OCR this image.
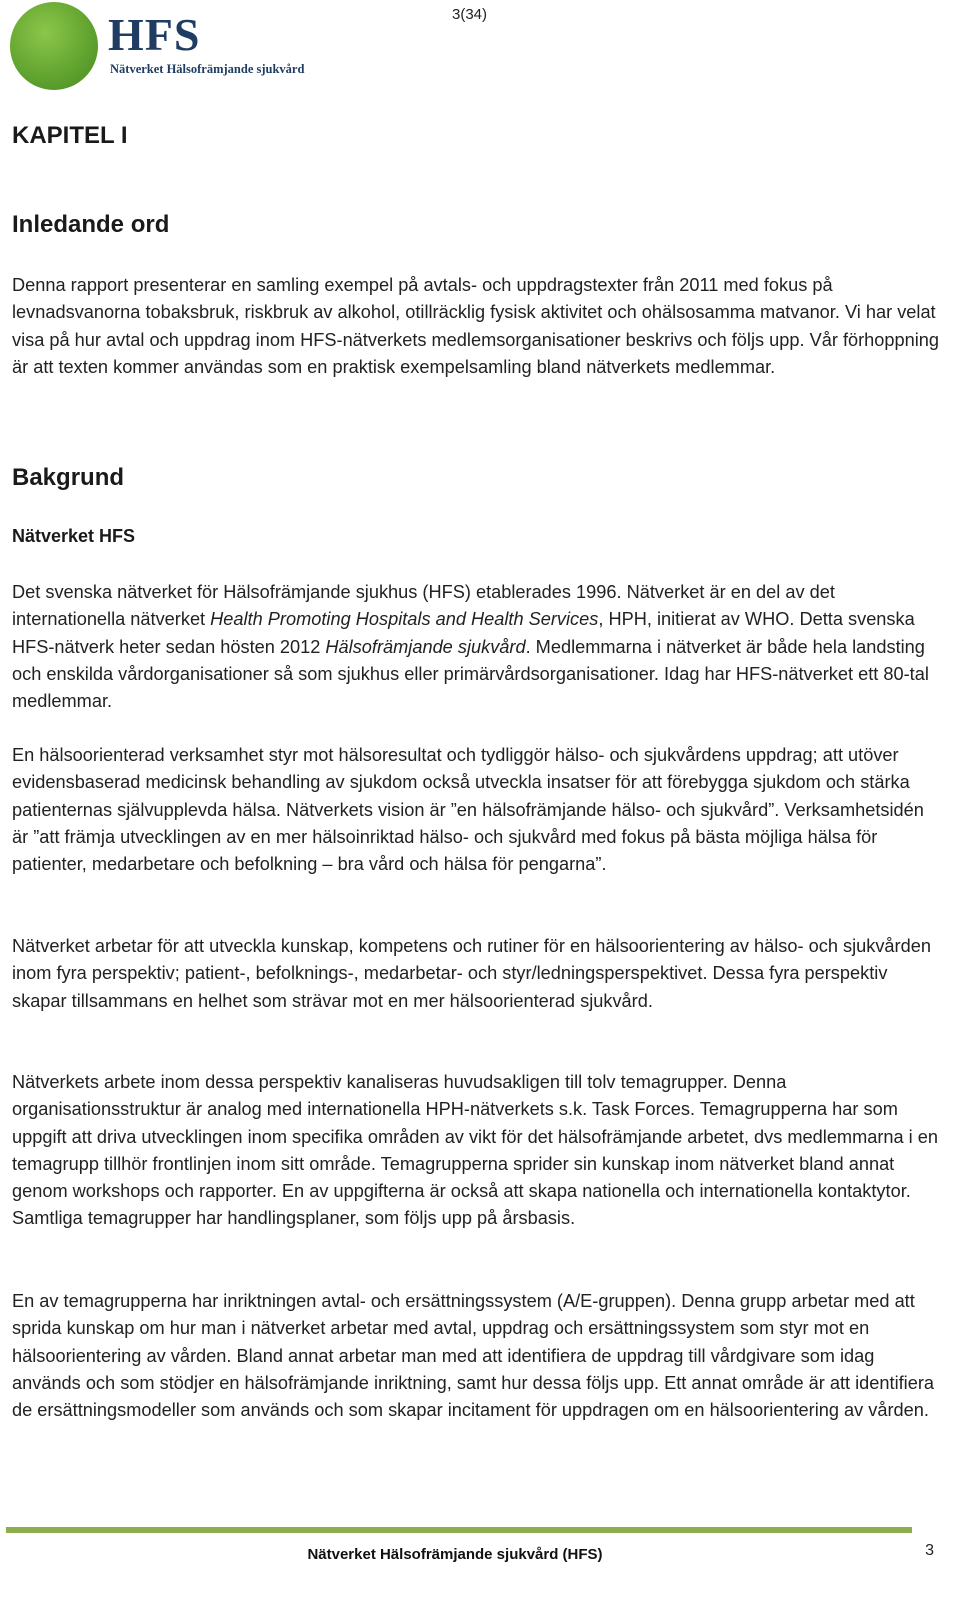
HFS
Nätverket Hälsofrämjande sjukvård
3(34)
KAPITEL I
Inledande ord

Denna rapport presenterar en samling exempel på avtals- och uppdragstexter från 2011 med fokus på levnadsvanorna tobaksbruk, riskbruk av alkohol, otillräcklig fysisk aktivitet och ohälsosamma matvanor. Vi har velat visa på hur avtal och uppdrag inom HFS-nätverkets medlemsorganisationer beskrivs och följs upp. Vår förhoppning är att texten kommer användas som en praktisk exempelsamling bland nätverkets medlemmar.

Bakgrund
Nätverket HFS

Det svenska nätverket för Hälsofrämjande sjukhus (HFS) etablerades 1996. Nätverket är en del av det internationella nätverket Health Promoting Hospitals and Health Services, HPH, initierat av WHO. Detta svenska HFS-nätverk heter sedan hösten 2012 Hälsofrämjande sjukvård. Medlemmarna i nätverket är både hela landsting och enskilda vårdorganisationer så som sjukhus eller primärvårdsorganisationer. Idag har HFS-nätverket ett 80-tal medlemmar.

En hälsoorienterad verksamhet styr mot hälsoresultat och tydliggör hälso- och sjukvårdens uppdrag; att utöver evidensbaserad medicinsk behandling av sjukdom också utveckla insatser för att förebygga sjukdom och stärka patienternas självupplevda hälsa. Nätverkets vision är ”en hälsofrämjande hälso- och sjukvård”. Verksamhetsidén är ”att främja utvecklingen av en mer hälsoinriktad hälso- och sjukvård med fokus på bästa möjliga hälsa för patienter, medarbetare och befolkning – bra vård och hälsa för pengarna”.

Nätverket arbetar för att utveckla kunskap, kompetens och rutiner för en hälsoorientering av hälso- och sjukvården inom fyra perspektiv; patient-, befolknings-, medarbetar- och styr/ledningsperspektivet. Dessa fyra perspektiv skapar tillsammans en helhet som strävar mot en mer hälsoorienterad sjukvård.

Nätverkets arbete inom dessa perspektiv kanaliseras huvudsakligen till tolv temagrupper. Denna organisationsstruktur är analog med internationella HPH-nätverkets s.k. Task Forces. Temagrupperna har som uppgift att driva utvecklingen inom specifika områden av vikt för det hälsofrämjande arbetet, dvs medlemmarna i en temagrupp tillhör frontlinjen inom sitt område. Temagrupperna sprider sin kunskap inom nätverket bland annat genom workshops och rapporter. En av uppgifterna är också att skapa nationella och internationella kontaktytor. Samtliga temagrupper har handlingsplaner, som följs upp på årsbasis.

En av temagrupperna har inriktningen avtal- och ersättningssystem (A/E-gruppen). Denna grupp arbetar med att sprida kunskap om hur man i nätverket arbetar med avtal, uppdrag och ersättningssystem som styr mot en hälsoorientering av vården. Bland annat arbetar man med att identifiera de uppdrag till vårdgivare som idag används och som stödjer en hälsofrämjande inriktning, samt hur dessa följs upp. Ett annat område är att identifiera de ersättningsmodeller som används och som skapar incitament för uppdragen om en hälsoorientering av vården.

Nätverket Hälsofrämjande sjukvård (HFS)	3
